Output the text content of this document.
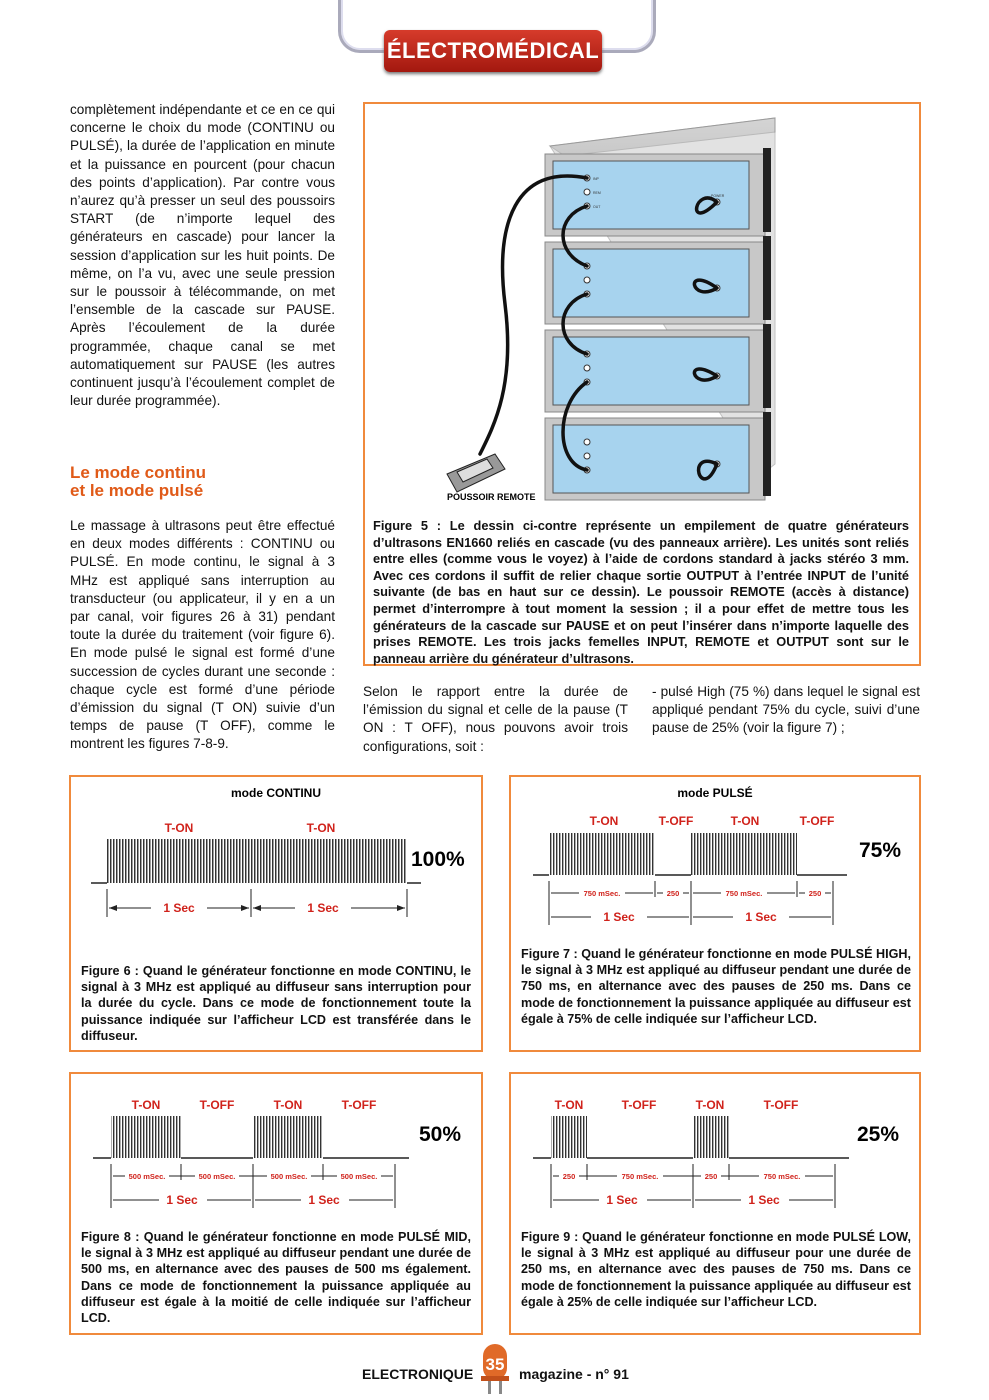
ÉLECTROMÉDICAL
complètement indépendante et ce en ce qui concerne le choix du mode (CONTINU ou PULSÉ), la durée de l’application en minute et la puissance en pourcent (pour chacun des points d’application). Par contre vous n’aurez qu’à presser un seul des poussoirs START (de n’importe lequel des générateurs en cascade) pour lancer la session d’application sur les huit points. De même, on l’a vu, avec une seule pression sur le poussoir à télécommande, on met l’ensemble de la cascade sur PAUSE. Après l’écoulement de la durée programmée, chaque canal se met automatiquement sur PAUSE (les autres continuent jusqu’à l’écoulement complet de leur durée programmée).
Le mode continu
et le mode pulsé
Le massage à ultrasons peut être effectué en deux modes différents : CONTINU ou PULSÉ. En mode continu, le signal à 3 MHz est appliqué sans interruption au transducteur (ou applicateur, il y en a un par canal, voir figures 26 à 31) pendant toute la durée du traitement (voir figure 6). En mode pulsé le signal est formé d’une succession de cycles durant une seconde : chaque cycle est formé d’une période d’émission du signal (T ON) suivie d’un temps de pause (T OFF), comme le montrent les figures 7-8-9.
INP
REM
OUT
POWER
POUSSOIR REMOTE
Figure 5 : Le dessin ci-contre représente un empilement de quatre générateurs d’ultrasons EN1660 reliés en cascade (vu des panneaux arrière). Les unités sont reliés entre elles (comme vous le voyez) à l’aide de cordons standard à jacks stéréo 3 mm. Avec ces cordons il suffit de relier chaque sortie OUTPUT à l’entrée INPUT de l’unité suivante (de bas en haut sur ce dessin). Le poussoir REMOTE (accès à distance) permet d’interrompre à tout moment la session ; il a pour effet de mettre tous les générateurs de la cascade sur PAUSE et on peut l’insérer dans n’importe laquelle des prises REMOTE. Les trois jacks femelles INPUT, REMOTE et OUTPUT sont sur le panneau arrière du générateur d’ultrasons.
Selon le rapport entre la durée de l’émission du signal et celle de la pause (T ON : T OFF), nous pouvons avoir trois configurations, soit :
- pulsé High (75 %) dans lequel le signal est appliqué pendant 75% du cycle, suivi d’une pause de 25% (voir la figure 7) ;
mode CONTINU
T-ON	T-ON
100%
1 Sec	1 Sec
Figure 6 : Quand le générateur fonctionne en mode CONTINU, le signal à 3 MHz est appliqué au diffuseur sans interruption pour la durée du cycle. Dans ce mode de fonctionnement toute la puissance indiquée sur l’afficheur LCD est transférée dans le diffuseur.
mode PULSÉ
T-ON	T-OFF	T-ON	T-OFF
75%
750 mSec.	250	750 mSec.	250
1 Sec	1 Sec
Figure 7 : Quand le générateur fonctionne en mode PULSÉ HIGH, le signal à 3 MHz est appliqué au diffuseur pendant une durée de 750 ms, en alternance avec des pauses de 250 ms. Dans ce mode de fonctionnement la puissance appliquée au diffuseur est égale à 75% de celle indiquée sur l’afficheur LCD.
T-ON	T-OFF	T-ON	T-OFF
50%
500 mSec.	500 mSec.	500 mSec.	500 mSec.
1 Sec	1 Sec
Figure 8 : Quand le générateur fonctionne en mode PULSÉ MID, le signal à 3 MHz est appliqué au diffuseur pendant une durée de 500 ms, en alternance avec des pauses de 500 ms également. Dans ce mode de fonctionnement la puissance appliquée au diffuseur est égale à la moitié de celle indiquée sur l’afficheur LCD.
T-ON	T-OFF	T-ON	T-OFF
25%
250	750 mSec.	250	750 mSec.
1 Sec	1 Sec
Figure 9 : Quand le générateur fonctionne en mode PULSÉ LOW, le signal à 3 MHz est appliqué au diffuseur pour une durée de 250 ms, en alternance avec des pauses de 750 ms. Dans ce mode de fonctionnement la puissance appliquée au diffuseur est égale à 25% de celle indiquée sur l’afficheur LCD.
ELECTRONIQUE 35 magazine - n° 91
